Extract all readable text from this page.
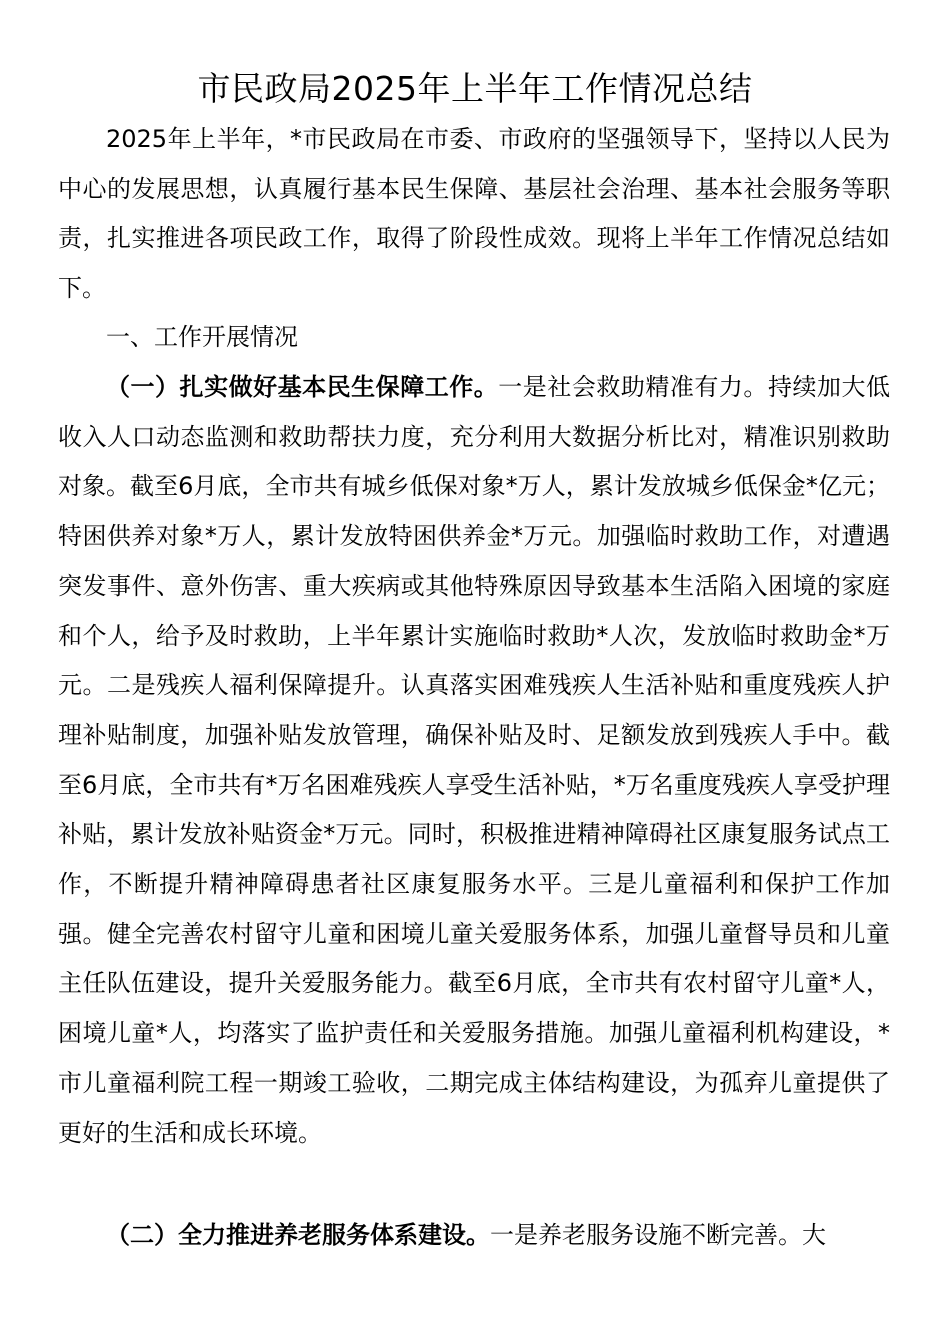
市民政局2025年上半年工作情况总结

2025年上半年，*市民政局在市委、市政府的坚强领导下，坚持以人民为中心的发展思想，认真履行基本民生保障、基层社会治理、基本社会服务等职责，扎实推进各项民政工作，取得了阶段性成效。现将上半年工作情况总结如下。

一、工作开展情况

（一）扎实做好基本民生保障工作。一是社会救助精准有力。持续加大低收入人口动态监测和救助帮扶力度，充分利用大数据分析比对，精准识别救助对象。截至6月底，全市共有城乡低保对象*万人，累计发放城乡低保金*亿元；特困供养对象*万人，累计发放特困供养金*万元。加强临时救助工作，对遭遇突发事件、意外伤害、重大疾病或其他特殊原因导致基本生活陷入困境的家庭和个人，给予及时救助，上半年累计实施临时救助*人次，发放临时救助金*万元。二是残疾人福利保障提升。认真落实困难残疾人生活补贴和重度残疾人护理补贴制度，加强补贴发放管理，确保补贴及时、足额发放到残疾人手中。截至6月底，全市共有*万名困难残疾人享受生活补贴，*万名重度残疾人享受护理补贴，累计发放补贴资金*万元。同时，积极推进精神障碍社区康复服务试点工作，不断提升精神障碍患者社区康复服务水平。三是儿童福利和保护工作加强。健全完善农村留守儿童和困境儿童关爱服务体系，加强儿童督导员和儿童主任队伍建设，提升关爱服务能力。截至6月底，全市共有农村留守儿童*人，困境儿童*人，均落实了监护责任和关爱服务措施。加强儿童福利机构建设，*市儿童福利院工程一期竣工验收，二期完成主体结构建设，为孤弃儿童提供了更好的生活和成长环境。

（二）全力推进养老服务体系建设。一是养老服务设施不断完善。大
